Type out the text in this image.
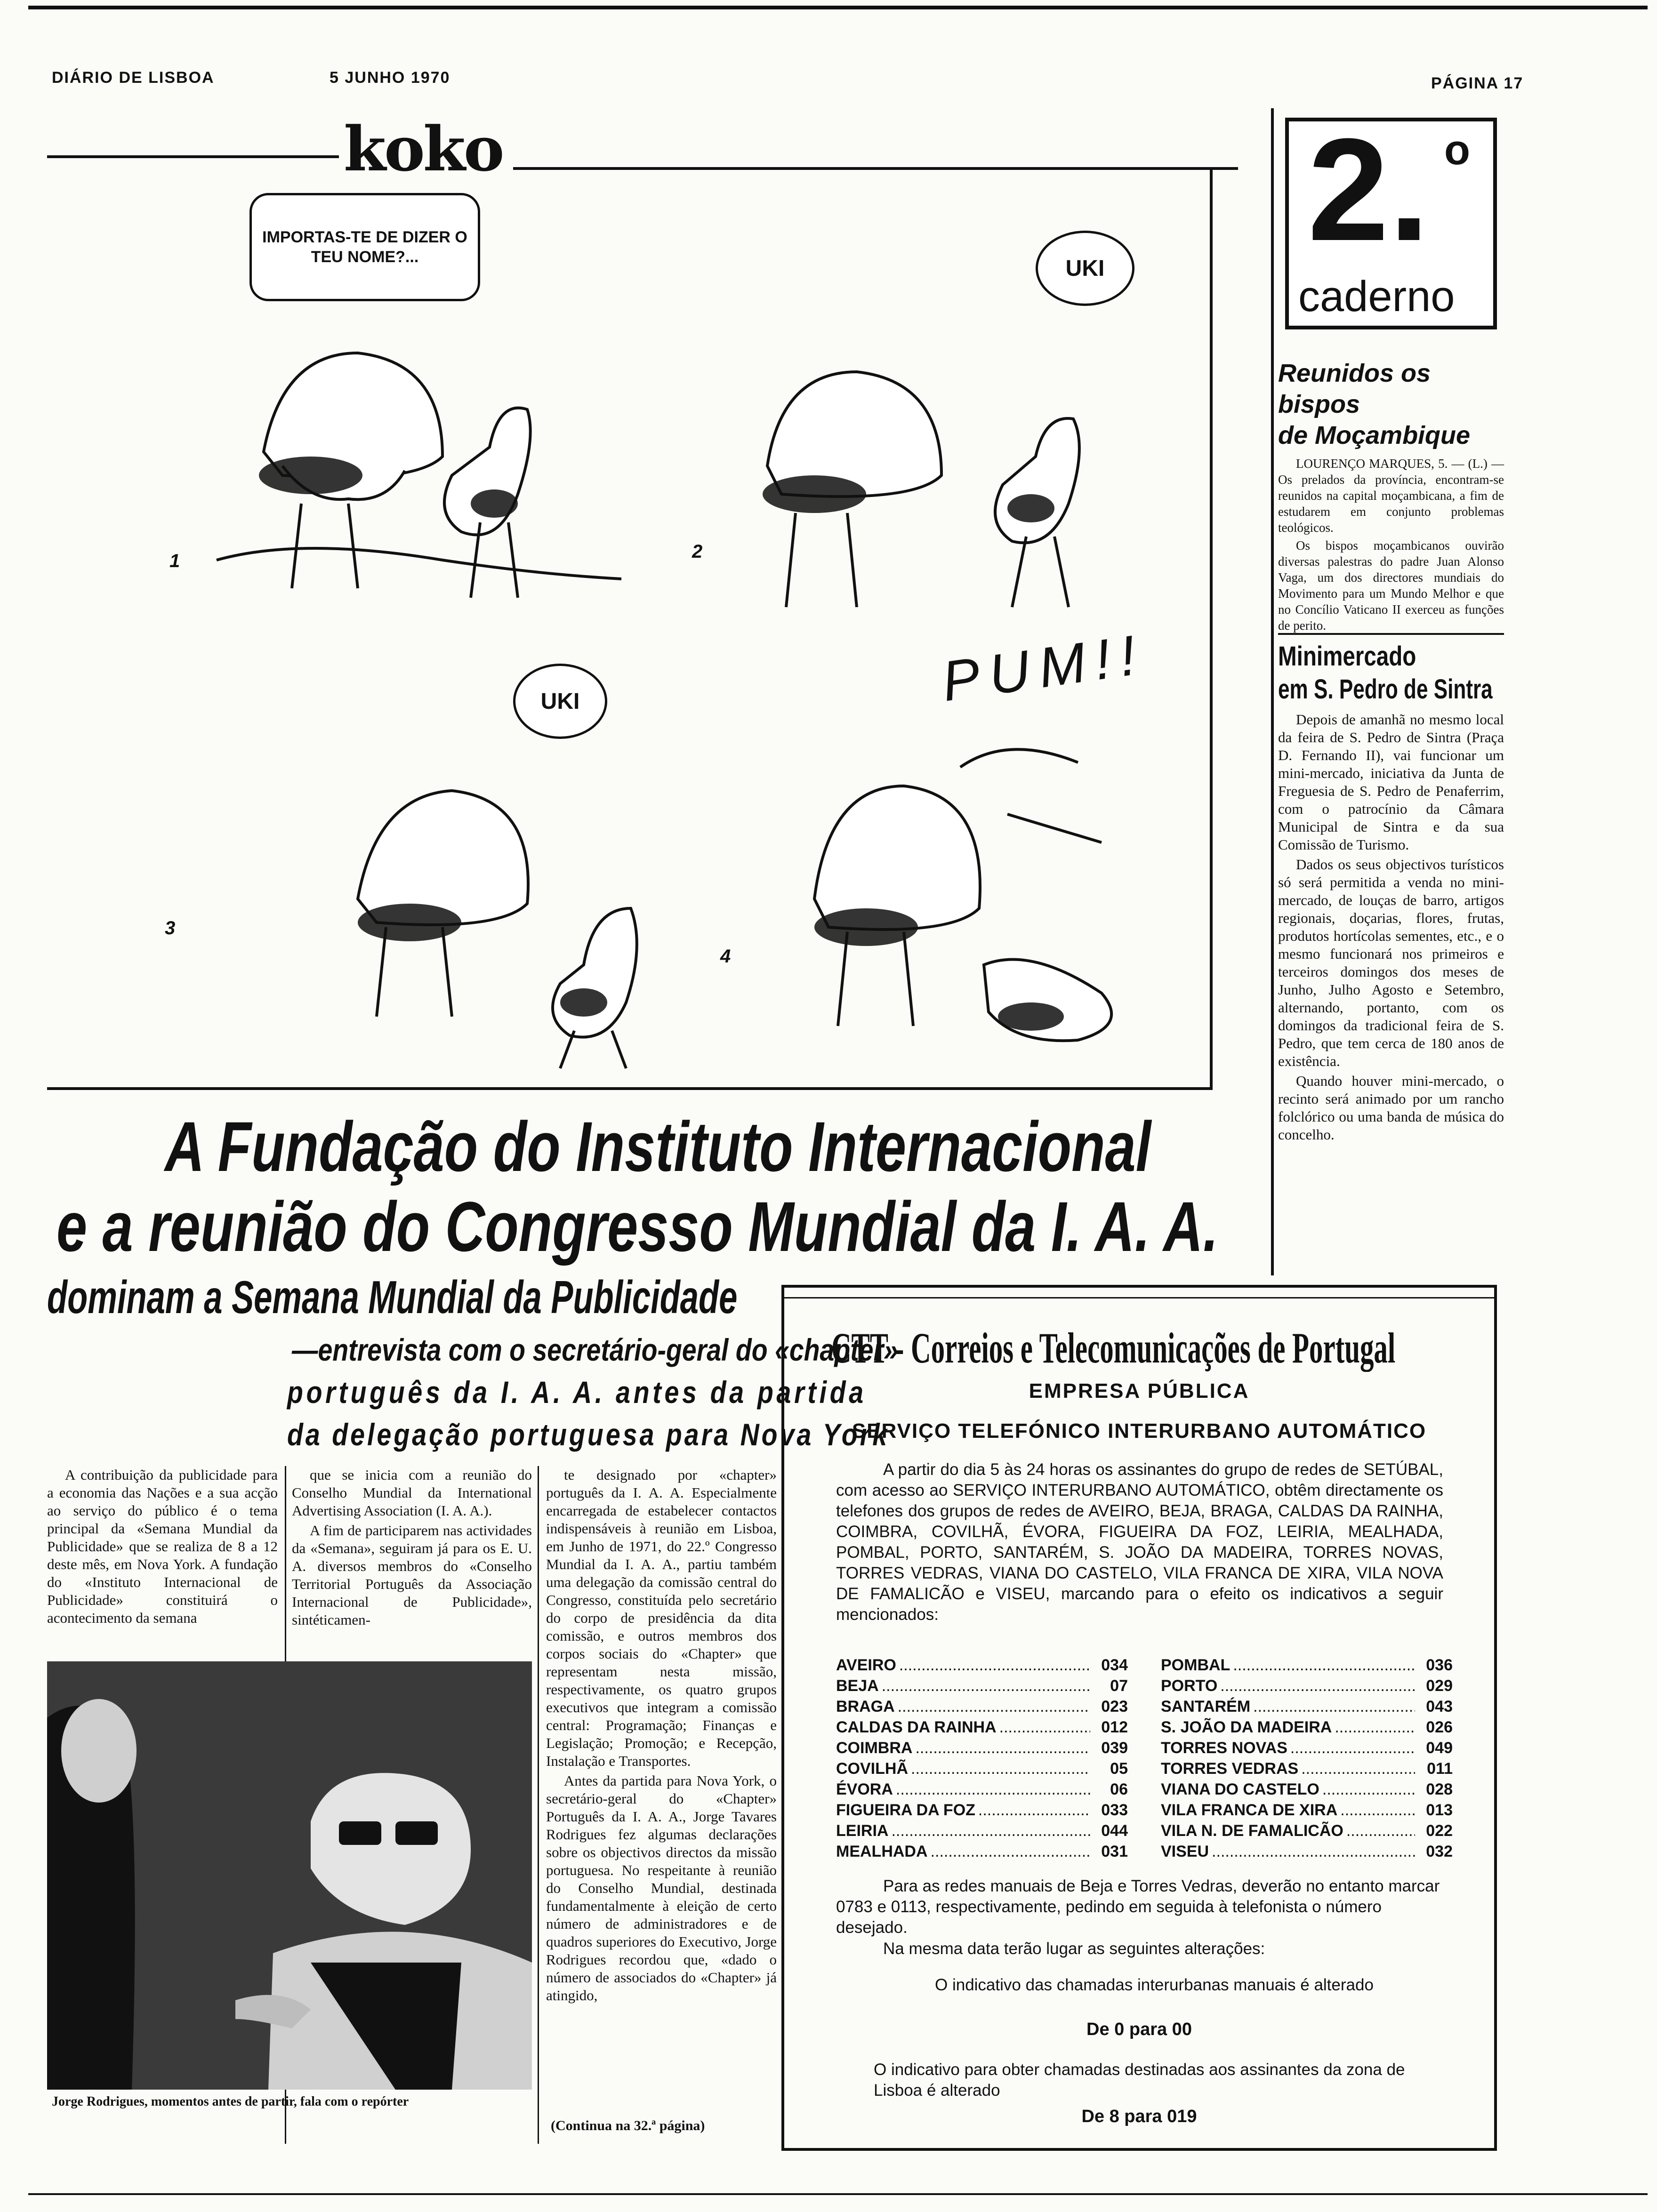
DIÁRIO DE LISBOA	5 JUNHO 1970	PÁGINA 17
koko
IMPORTAS-TE DE DIZER O TEU NOME?...	UKI
UKI	PUM!!
1	2
3
4
2. o
caderno
Reunidos os bispos
de Moçambique

LOURENÇO MARQUES, 5. — (L.) — Os prelados da província, encontram-se reunidos na capital moçambicana, a fim de estudarem em conjunto problemas teológicos.

Os bispos moçambicanos ouvirão diversas palestras do padre Juan Alonso Vaga, um dos directores mundiais do Movimento para um Mundo Melhor e que no Concílio Vaticano II exerceu as funções de perito.

Minimercado
em S. Pedro de Sintra

Depois de amanhã no mesmo local da feira de S. Pedro de Sintra (Praça D. Fernando II), vai funcionar um mini-mercado, iniciativa da Junta de Freguesia de S. Pedro de Penaferrim, com o patrocínio da Câmara Municipal de Sintra e da sua Comissão de Turismo.

Dados os seus objectivos turísticos só será permitida a venda no mini-mercado, de louças de barro, artigos regionais, doçarias, flores, frutas, produtos hortícolas sementes, etc., e o mesmo funcionará nos primeiros e terceiros domingos dos meses de Junho, Julho Agosto e Setembro, alternando, portanto, com os domingos da tradicional feira de S. Pedro, que tem cerca de 180 anos de existência.

Quando houver mini-mercado, o recinto será animado por um rancho folclórico ou uma banda de música do concelho.

A Fundação do Instituto Internacional
e a reunião do Congresso Mundial da I. A. A.
dominam a Semana Mundial da Publicidade
—entrevista com o secretário-geral do «chapter»
português da I. A. A. antes da partida
da delegação portuguesa para Nova York

A contribuição da publicidade para a economia das Nações e a sua acção ao serviço do público é o tema principal da «Semana Mundial da Publicidade» que se realiza de 8 a 12 deste mês, em Nova York. A fundação do «Instituto Internacional de Publicidade» constituirá o acontecimento da semana

que se inicia com a reunião do Conselho Mundial da International Advertising Association (I. A. A.).

A fim de participarem nas actividades da «Semana», seguiram já para os E. U. A. diversos membros do «Conselho Territorial Português da Associação Internacional de Publicidade», sintéticamen-

te designado por «chapter» português da I. A. A. Especialmente encarregada de estabelecer contactos indispensáveis à reunião em Lisboa, em Junho de 1971, do 22.º Congresso Mundial da I. A. A., partiu também uma delegação da comissão central do Congresso, constituída pelo secretário do corpo de presidência da dita comissão, e outros membros dos corpos sociais do «Chapter» que representam nesta missão, respectivamente, os quatro grupos executivos que integram a comissão central: Programação; Finanças e Legislação; Promoção; e Recepção, Instalação e Transportes.

Antes da partida para Nova York, o secretário-geral do «Chapter» Português da I. A. A., Jorge Tavares Rodrigues fez algumas declarações sobre os objectivos directos da missão portuguesa. No respeitante à reunião do Conselho Mundial, destinada fundamentalmente à eleição de certo número de administradores e de quadros superiores do Executivo, Jorge Rodrigues recordou que, «dado o número de associados do «Chapter» já atingido,

(Continua na 32.ª página)
Jorge Rodrigues, momentos antes de partir, fala com o repórter
CTT - Correios e Telecomunicações de Portugal
EMPRESA PÚBLICA
SERVIÇO TELEFÓNICO INTERURBANO AUTOMÁTICO
A partir do dia 5 às 24 horas os assinantes do grupo de redes de SETÚBAL, com acesso ao SERVIÇO INTERURBANO AUTOMÁTICO, obtêm directamente os telefones dos grupos de redes de AVEIRO, BEJA, BRAGA, CALDAS DA RAINHA, COIMBRA, COVILHÃ, ÉVORA, FIGUEIRA DA FOZ, LEIRIA, MEALHADA, POMBAL, PORTO, SANTARÉM, S. JOÃO DA MADEIRA, TORRES NOVAS, TORRES VEDRAS, VIANA DO CASTELO, VILA FRANCA DE XIRA, VILA NOVA DE FAMALICÃO e VISEU, marcando para o efeito os indicativos a seguir mencionados:
AVEIRO .....	034
BEJA .....	07
BRAGA .....	023
CALDAS DA RAINHA .....	012
COIMBRA .....	039
COVILHÃ .....	05
ÉVORA .....	06
FIGUEIRA DA FOZ .....	033
LEIRIA .....	044
MEALHADA .....	031
POMBAL .....	036
PORTO .....	029
SANTARÉM .....	043
S. JOÃO DA MADEIRA .....	026
TORRES NOVAS .....	049
TORRES VEDRAS .....	011
VIANA DO CASTELO .....	028
VILA FRANCA DE XIRA .....	013
VILA N. DE FAMALICÃO .....	022
VISEU .....	032
Para as redes manuais de Beja e Torres Vedras, deverão no entanto marcar 0783 e 0113, respectivamente, pedindo em seguida à telefonista o número desejado.
Na mesma data terão lugar as seguintes alterações:
O indicativo das chamadas interurbanas manuais é alterado
De 0 para 00
O indicativo para obter chamadas destinadas aos assinantes da zona de Lisboa é alterado
De 8 para 019
